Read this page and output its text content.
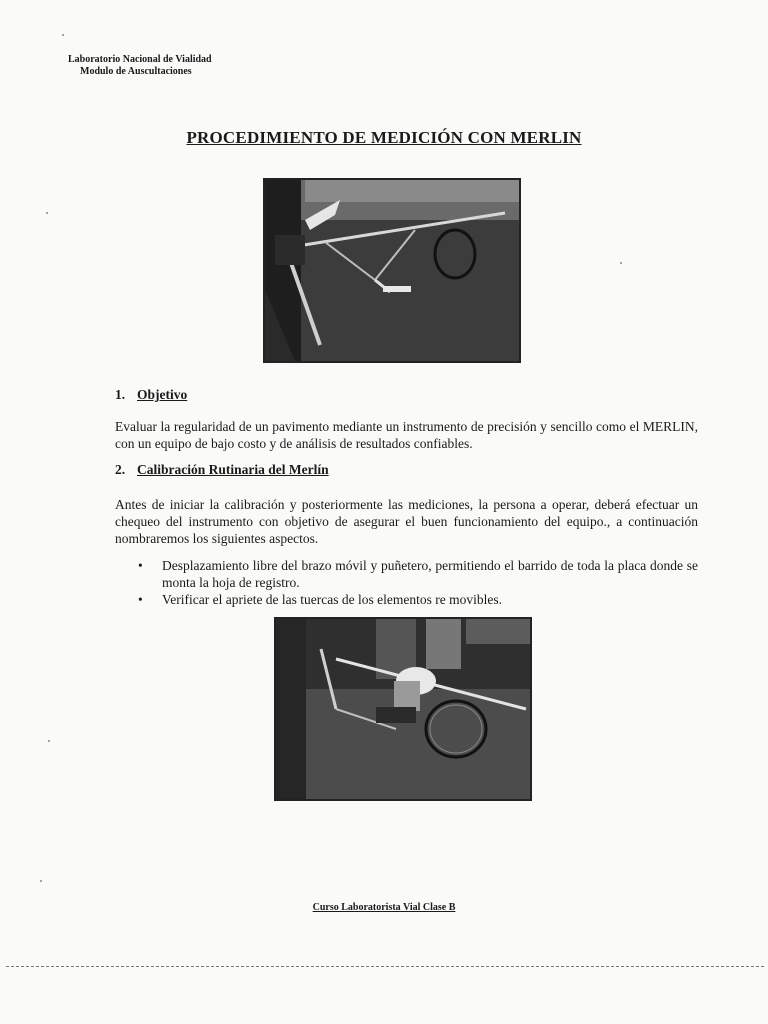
Laboratorio Nacional de Vialidad
Modulo de Auscultaciones
PROCEDIMIENTO DE MEDICIÓN CON MERLIN
1. Objetivo
Evaluar la regularidad de un pavimento mediante un instrumento de precisión y sencillo como el MERLIN, con un equipo de bajo costo y de análisis de resultados confiables.
2. Calibración Rutinaria del Merlín
Antes de iniciar la calibración y posteriormente las mediciones, la persona a operar, deberá efectuar un chequeo del instrumento con objetivo de asegurar el buen funcionamiento del equipo., a continuación nombraremos los siguientes aspectos.
• Desplazamiento libre del brazo móvil y puñetero, permitiendo el barrido de toda la placa donde se monta la hoja de registro.
• Verificar el apriete de las tuercas de los elementos re movibles.
Curso Laboratorista Vial Clase B
